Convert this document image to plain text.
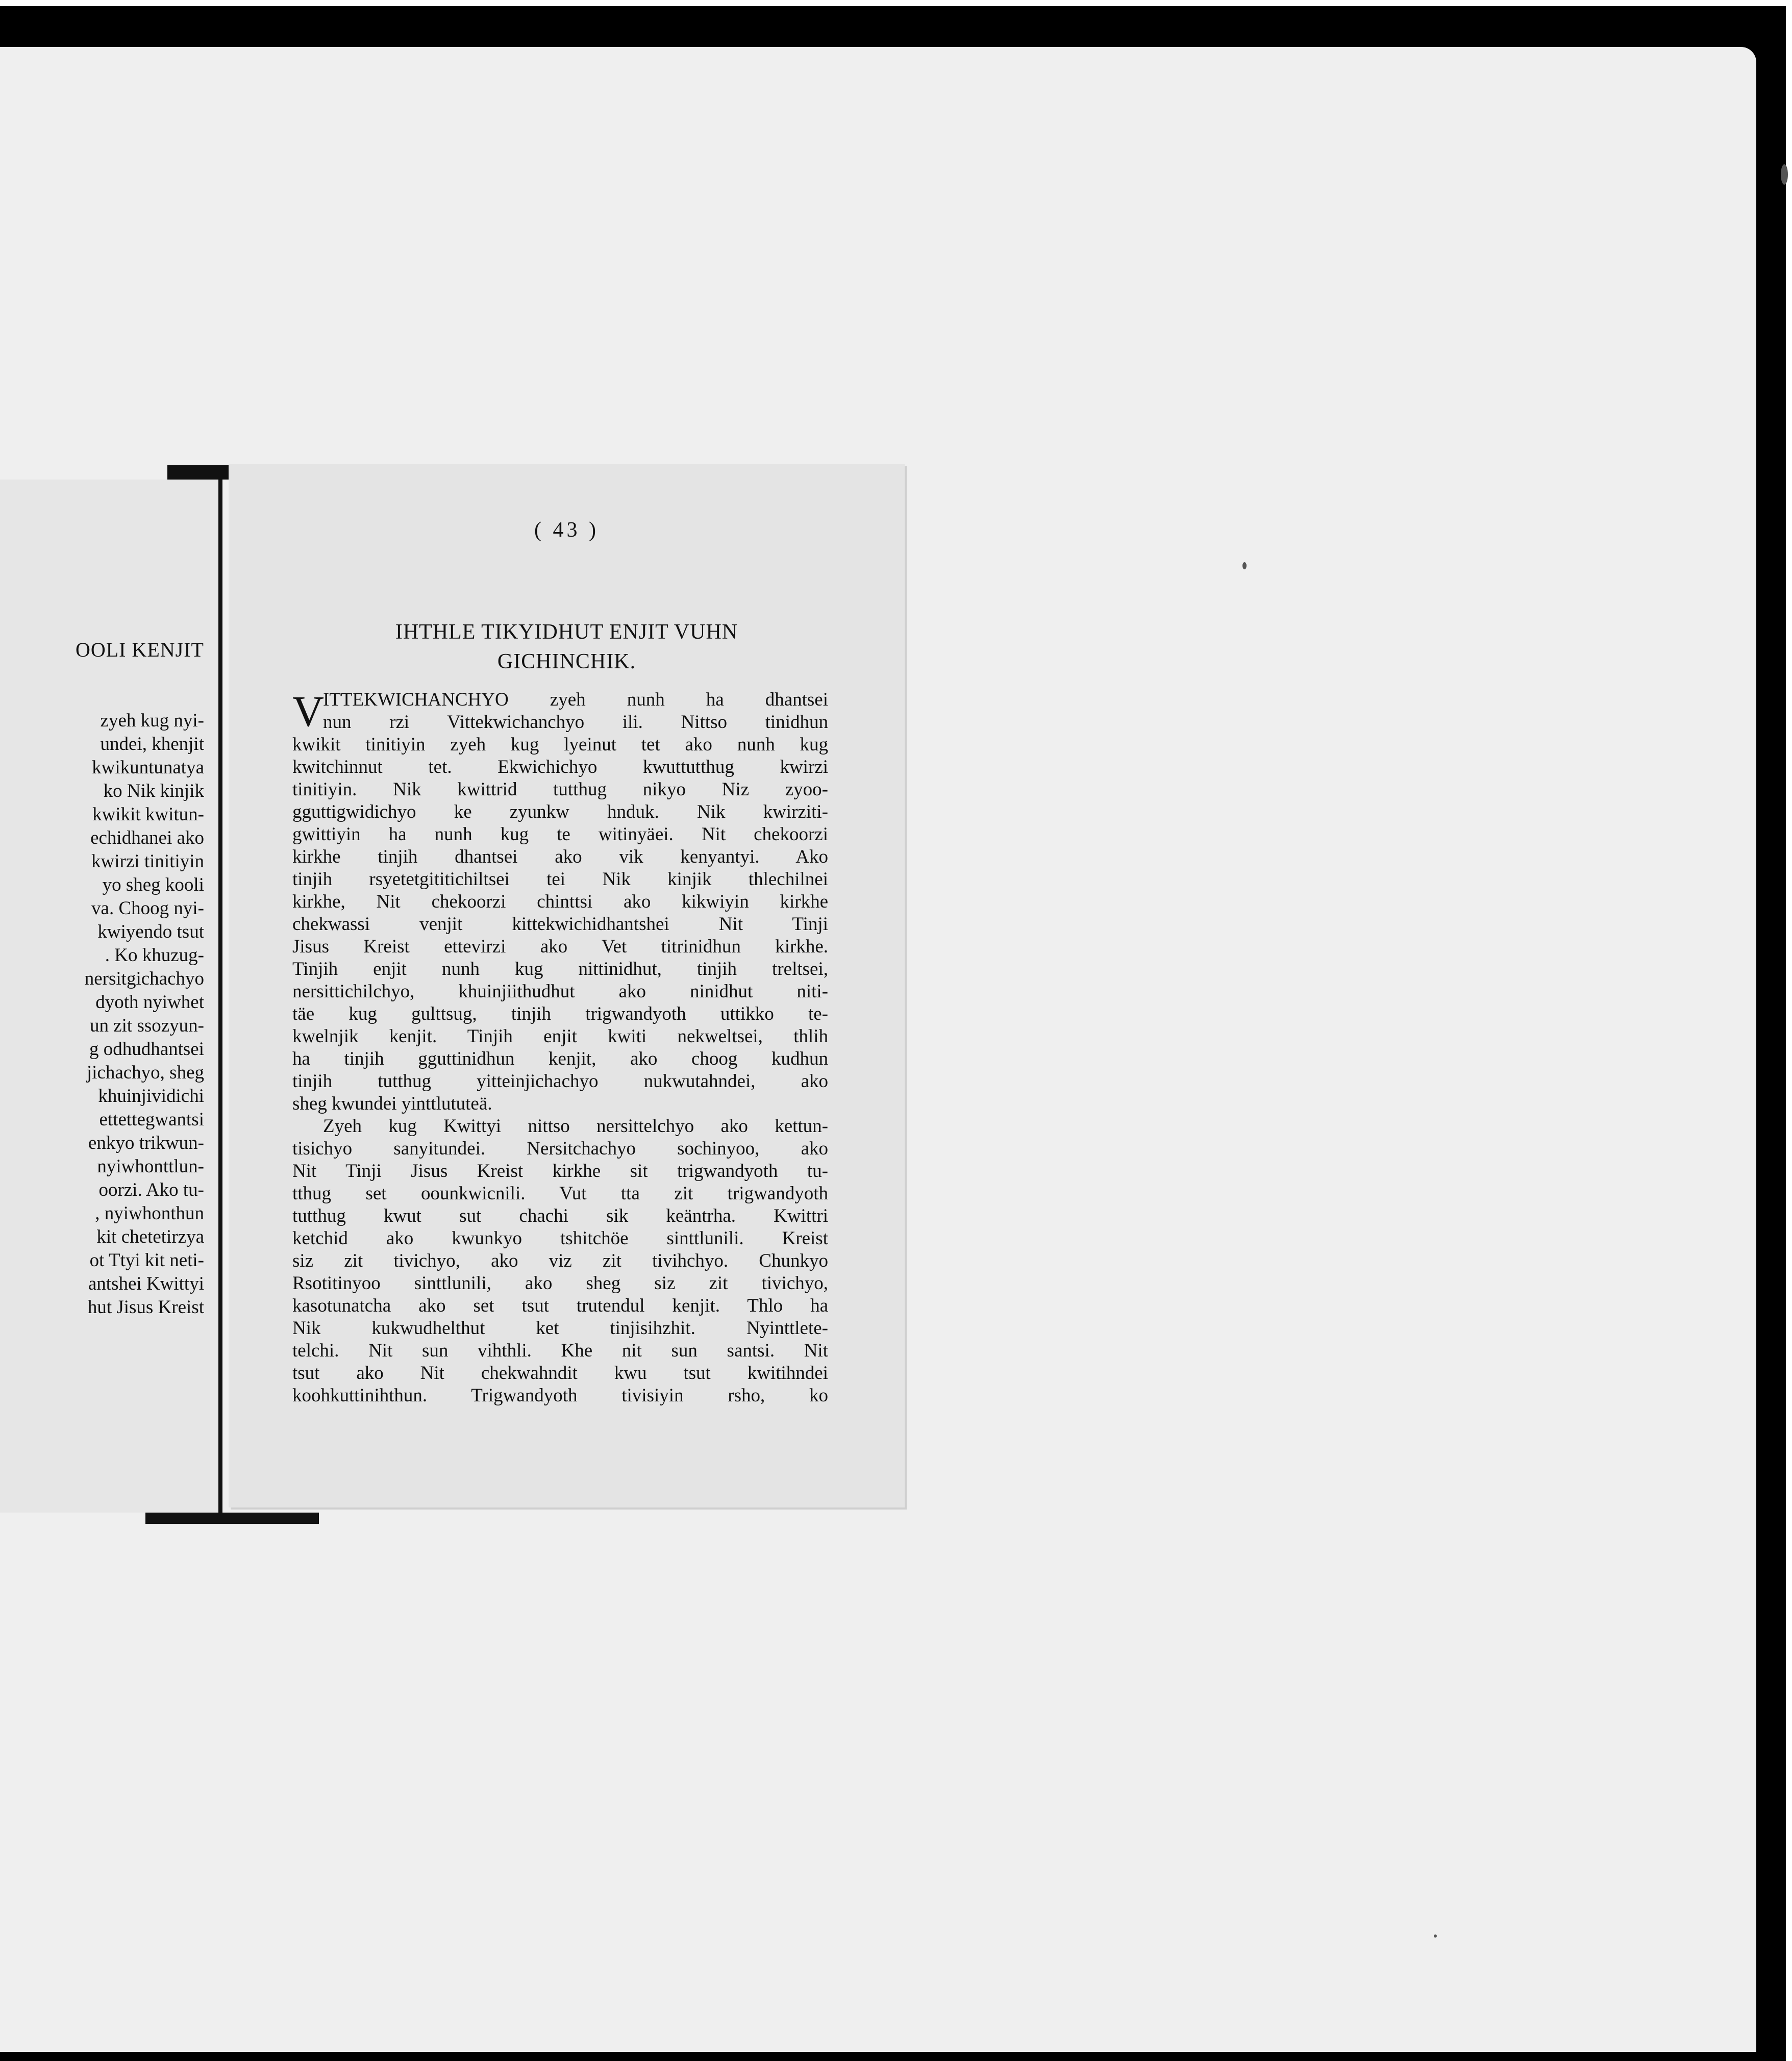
OOLI KENJIT
zyeh kug nyi-
undei, khenjit
kwikuntunatya
ko Nik kinjik
kwikit kwitun-
echidhanei ako
kwirzi tinitiyin
yo sheg kooli
va. Choog nyi-
kwiyendo tsut
. Ko khuzug-
nersitgichachyo
dyoth nyiwhet
un zit ssozyun-
g odhudhantsei
jichachyo, sheg
khuinjividichi
ettettegwantsi
enkyo trikwun-
nyiwhonttlun-
oorzi. Ako tu-
, nyiwhonthun
kit chetetirzya
ot Ttyi kit neti-
antshei Kwittyi
hut Jisus Kreist
( 43 )
IHTHLE TIKYIDHUT ENJIT VUHN
GICHINCHIK.
V
ITTEKWICHANCHYO zyeh nunh ha dhantsei
nun rzi Vittekwichanchyo ili. Nittso tinidhun
kwikit tinitiyin zyeh kug lyeinut tet ako nunh kug
kwitchinnut tet. Ekwichichyo kwuttutthug kwirzi
tinitiyin. Nik kwittrid tutthug nikyo Niz zyoo-
gguttigwidichyo ke zyunkw hnduk. Nik kwirziti-
gwittiyin ha nunh kug te witinyäei. Nit chekoorzi
kirkhe tinjih dhantsei ako vik kenyantyi. Ako
tinjih rsyetetgititichiltsei tei Nik kinjik thlechilnei
kirkhe, Nit chekoorzi chinttsi ako kikwiyin kirkhe
chekwassi venjit kittekwichidhantshei Nit Tinji
Jisus Kreist ettevirzi ako Vet titrinidhun kirkhe.
Tinjih enjit nunh kug nittinidhut, tinjih treltsei,
nersittichilchyo, khuinjiithudhut ako ninidhut niti-
täe kug gulttsug, tinjih trigwandyoth uttikko te-
kwelnjik kenjit. Tinjih enjit kwiti nekweltsei, thlih
ha tinjih gguttinidhun kenjit, ako choog kudhun
tinjih tutthug yitteinjichachyo nukwutahndei, ako
sheg kwundei yinttlututeä.
Zyeh kug Kwittyi nittso nersittelchyo ako kettun-
tisichyo sanyitundei. Nersitchachyo sochinyoo, ako
Nit Tinji Jisus Kreist kirkhe sit trigwandyoth tu-
tthug set oounkwicnili. Vut tta zit trigwandyoth
tutthug kwut sut chachi sik keäntrha. Kwittri
ketchid ako kwunkyo tshitchöe sinttlunili. Kreist
siz zit tivichyo, ako viz zit tivihchyo. Chunkyo
Rsotitinyoo sinttlunili, ako sheg siz zit tivichyo,
kasotunatcha ako set tsut trutendul kenjit. Thlo ha
Nik kukwudhelthut ket tinjisihzhit. Nyinttlete-
telchi. Nit sun vihthli. Khe nit sun santsi. Nit
tsut ako Nit chekwahndit kwu tsut kwitihndei
koohkuttinihthun. Trigwandyoth tivisiyin rsho, ko
